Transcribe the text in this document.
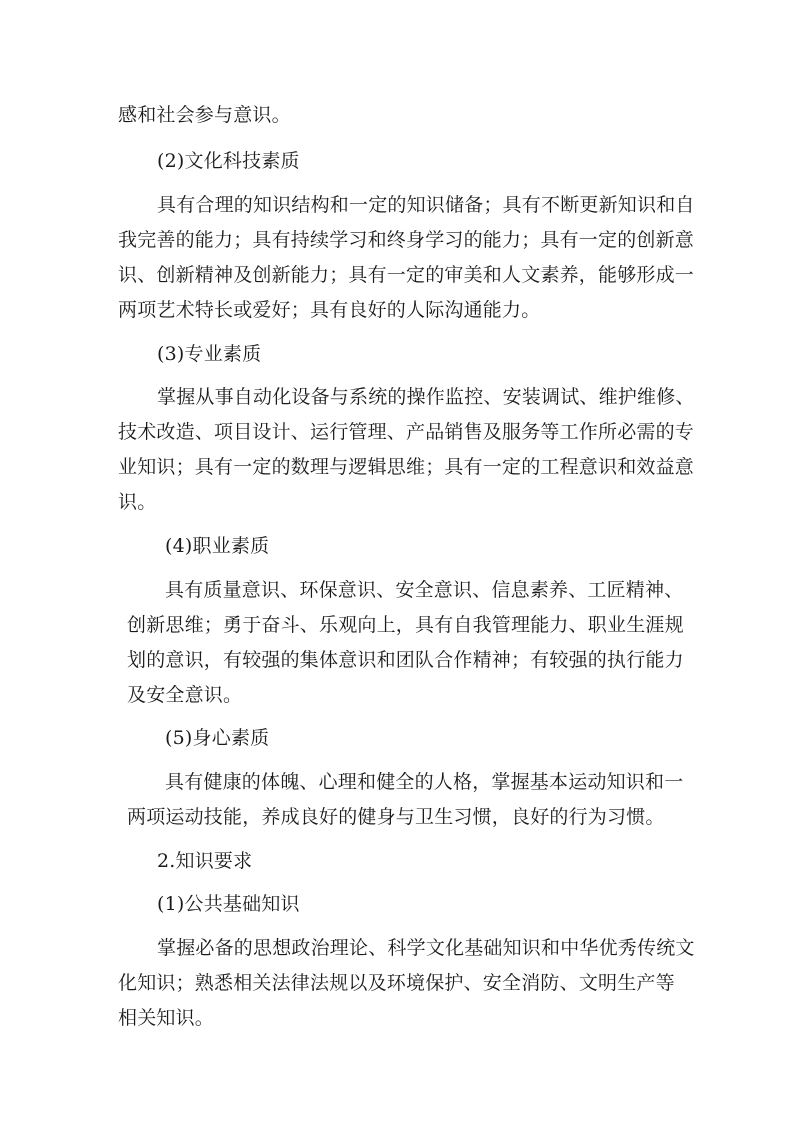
感和社会参与意识。
(2)文化科技素质
具有合理的知识结构和一定的知识储备；具有不断更新知识和自
我完善的能力；具有持续学习和终身学习的能力；具有一定的创新意
识、创新精神及创新能力；具有一定的审美和人文素养，能够形成一
两项艺术特长或爱好；具有良好的人际沟通能力。
(3)专业素质
掌握从事自动化设备与系统的操作监控、安装调试、维护维修、
技术改造、项目设计、运行管理、产品销售及服务等工作所必需的专
业知识；具有一定的数理与逻辑思维；具有一定的工程意识和效益意
识。
(4)职业素质
具有质量意识、环保意识、安全意识、信息素养、工匠精神、
创新思维；勇于奋斗、乐观向上，具有自我管理能力、职业生涯规
划的意识，有较强的集体意识和团队合作精神；有较强的执行能力
及安全意识。
(5)身心素质
具有健康的体魄、心理和健全的人格，掌握基本运动知识和一
两项运动技能，养成良好的健身与卫生习惯，良好的行为习惯。
2.知识要求
(1)公共基础知识
掌握必备的思想政治理论、科学文化基础知识和中华优秀传统文
化知识；熟悉相关法律法规以及环境保护、安全消防、文明生产等
相关知识。
